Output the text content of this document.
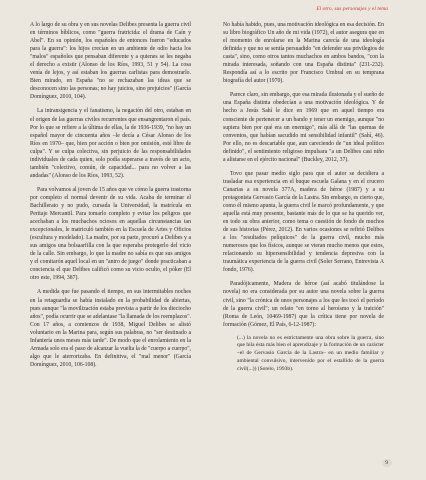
El otro, sus personajes y el tema

A lo largo de su obra y en sus novelas Delibes presenta la guerra civil en términos bíblicos, como "guerra fratricida: el drama de Caín y Abel". En su opinión, los españoles de entonces fueron "educados para la guerra": los hijos crecían en un ambiente de odio hacia los "malos" españoles que pensaban diferente y a quienes se les negaba el derecho a existir (Alonso de los Ríos, 1993, 51 y 54). La cosa venía de lejos, y así estaban los guerras carlistas para demostrarlo. Bien mirado, en España "no se rechazaban las ideas que se desconocen sino las personas; no hay juicios, sino prejuicios" (García Domínguez, 2010, 104).

La intransigencia y el fanatismo, la negación del otro, estaban en el origen de las guerras civiles recurrentes que ensangrentaron el país. Por lo que se refiere a la última de ellas, la de 1936-1939, "no hay un español mayor de cincuenta años –le decía a César Alonso de los Ríos en 1970– que, bien por acción o bien por omisión, esté libre de culpa". Y se culpa colectiva, sin perjuicio de las responsabilidades individuales de cada quien, solo podía superarse a través de un acto, también "colectivo, común, de capacidad... para no volver a las andadas" (Alonso de los Ríos, 1993, 52).

Para volvamos al joven de 15 años que ve cómo la guerra trastorna por completo el normal devenir de su vida. Acaba de terminar el Bachillerato y no pudo, cursada la Universidad, la matrícula en Peritaje Mercantil. Para tomarlo completo y evitar los peligros que acechaban a los muchachos ociosos en aquellas circunstancias tan excepcionales, le matriculó también en la Escuela de Artes y Oficios (escultura y modelado). La madre, por su parte, procuró a Delibes y a sus amigos una bolsaarfilla con la que esperaba protegerlo del vicio de la calle. Sin embargo, lo que la madre no sabía es que sus amigos y el comitarón aquel local en un "antro de juego" donde practicaban a conciencia el que Delibes calificó como su vicio oculto, el póker (El otro este, 1994, 387).

A medida que fue pasando el tiempo, en sus intermitables noches en la retaguardia se había instalado en la probabilidad de abiertas, pues aunque "la movilización estaba prevista a partir de los dieciocho años", podía ocurrir que se adelantase "la llamada de los reemplazos". Con 17 años, a comienzos de 1938, Miguel Delibes se alistó voluntario en la Marina para, según sus palabras, no "ser destinado a Infantería unos meses más tarde". De modo que el enrolamiento en la Armada solo era el paso de alcanzar la vuelta la de "cuerpo a cuerpo", algo que le aterrorizaba. En definitiva, el "mal menor" (García Domínguez, 2010, 106-108).

No había habido, pues, una motivación ideológica en esa decisión. En su libro biográfico Un año de mi vida (1972), el autor asegura que en el momento de enrolarse en la Marina carecía de una ideología definida y que no se sentía persuadido "en defender sus privilegios de casta", sino, como otros tantos muchachos en ambos bandos, "con la mirada interesada, soñando con una España distinta" (231-232). Respondía así a lo escrito por Francisco Umbral en su temprana biografía del autor (1970).

Parece claro, sin embargo, que esa mirada ilusionada y el sueño de una España distinta obedecían a una motivación ideológica. Y de hecho a Jesús Sahí le dice en 1969 que en aquel tiempo era consciente de pertenecer a un bando y tener un enemigo, aunque "no supiera bien por qué era un enemigo", más allá de "las quemas de conventos, que habían sacudido mi sensibilidad infantil" (Sahí, 46). Por ello, no es descartable que, aun careciendo de "un ideal político definido", el sentimiento religioso impulsara "a un Delibes casi niño a alistarse en el ejército nacional" (Buckley, 2012, 37).

Tovo que pasar medio siglo para que el autor se decidiera a trasladar esa experiencia en el buque escuela Galana y en el crucero Canarias a su novela 377A, madera de héroe (1987) y a su protagonista Gervasio García de la Lastra. Sin embargo, es cierto que, como él mismo apunta, la guerra civil le marcó profundamente, y que aquella está muy presente, bastante más de lo que se ha querido ver, en todo su obra anterior, como tema o cuestión de fondo de muchos de sus historias (Pérez, 2012). En varios ocasiones se refirió Delibes a los "resultados pelíquicos" de la guerra civil, mucho más numerosos que los físicos, aunque se vieran mucho menos que estos, relacionando su hipersensibilidad y tendencia depresiva con la traumática experiencia de la guerra civil (Soler Serrano, Entrevista A fondo, 1976).

Paradójicamente, Madera de héroe (así acabó titulándose la novela) no era considerada por su autor una novela sobre la guerra civil, sino "la crónica de unos personajes a los que les tocó el período de la guerra civil"; un relato "en torno al heroísmo y la traición" (Roma de León, 10469-1987) que la crítica tiene por novela de formación (Gómez, El País, 6-12-1987):

(...) la novela no es estrictamente una obra sobre la guerra, sino que hila ésta más bien el aprendizaje y la formación de un carácter –el de Gervasio García de la Lastra– en un medio familiar y ambiental convulsivo, intervenido por el estallido de la guerra civil(...)) (Sotelo, 1993b).
9
